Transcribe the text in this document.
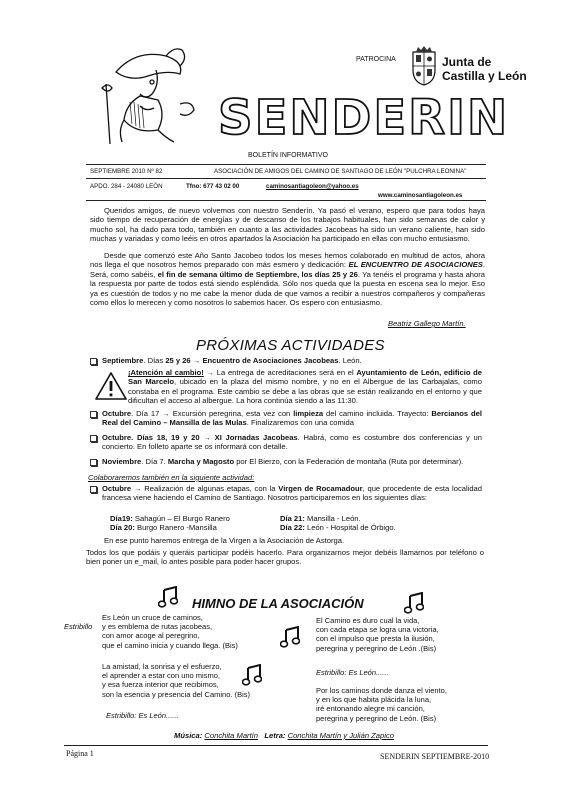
PATROCINA	Junta de
Castilla y León
SENDERIN
BOLETÍN INFORMATIVO
SEPTIEMBRE 2010 Nº 82	ASOCIACIÓN DE AMIGOS DEL CAMINO DE SANTIAGO DE LEÓN "PULCHRA LEONINA"
APDO. 284 - 24080 LEÓN	Tfno: 677 43 02 00	caminosantiagoleon@yahoo.es
www.caminosantiagoleon.es
Queridos amigos, de nuevo volvemos con nuestro Senderín. Ya pasó el verano, espero que para todos haya sido tiempo de recuperación de energías y de descanso de los trabajos habituales, han sido semanas de calor y mucho sol, ha dado para todo, también en cuanto a las actividades Jacobeas ha sido un verano caliente, han sido muchas y variadas y como leéis en otros apartados la Asociación ha participado en ellas con mucho entusiasmo.
Desde que comenzó este Año Santo Jacobeo todos los meses hemos colaborado en multitud de actos, ahora nos llega el que nosotros hemos preparado con más esmero y dedicación: EL ENCUENTRO DE ASOCIACIONES. Será, como sabéis, el fin de semana último de Septiembre, los días 25 y 26. Ya tenéis el programa y hasta ahora la respuesta por parte de todos está siendo espléndida. Sólo nos queda que la puesta en escena sea lo mejor. Eso ya es cuestión de todos y no me cabe la menor duda de que vamos a recibir a nuestros compañeros y compañeras como ellos lo merecen y como nosotros lo sabemos hacer. Os espero con entusiasmo.
Beatriz Gallego Martín.
PRÓXIMAS ACTIVIDADES
Septiembre. Días 25 y 26 → Encuentro de Asociaciones Jacobeas. León.
¡Atención al cambio! → La entrega de acreditaciones será en el Ayuntamiento de León, edificio de San Marcelo, ubicado en la plaza del mismo nombre, y no en el Albergue de las Carbajalas, como constaba en el programa. Este cambio se debe a las obras que se están realizando en el entorno y que dificultan el acceso al albergue. La hora continúa siendo a las 11:30.
Octubre. Día 17 → Excursión peregrina, esta vez con limpieza del camino incluida. Trayecto: Bercianos del Real del Camino – Mansilla de las Mulas. Finalizaremos con una comida
Octubre. Días 18, 19 y 20 → XI Jornadas Jacobeas. Habrá, como es costumbre dos conferencias y un concierto. En folleto aparte se os informará con detalle.
Noviembre. Día 7. Marcha y Magosto por El Bierzo, con la Federación de montaña (Ruta por determinar).
Colaboraremos también en la siguiente actividad:
Octubre → Realización de algunas etapas, con la Virgen de Rocamadour, que procedente de esta localidad francesa viene haciendo el Camino de Santiago. Nosotros participaremos en los siguientes días:
Día19: Sahagún – El Burgo Ranero	Día 21: Mansilla - León.
Día 20: Burgo Ranero -Mansilla	Día 22: León - Hospital de Órbigo.
En ese punto haremos entrega de la Virgen a la Asociación de Astorga.
Todos los que podáis y queráis participar podéis hacerlo. Para organizarnos mejor debéis llamarnos por teléfono o bien poner un e_mail, lo antes posible para poder hacer grupos.
HIMNO DE LA ASOCIACIÓN
Estribillo
Es León un cruce de caminos,
y es emblema de rutas jacobeas,
con amor acoge al peregrino,
que el camino inicia y cuando llega. (Bis)
La amistad, la sonrisa y el esfuerzo,
el aprender a estar con uno mismo,
y esa fuerza interior que recibimos,
son la esencia y presencia del Camino. (Bis)
Estribillo: Es León......
El Camino es duro cual la vida,
con cada etapa se logra una victoria,
con el impulso que presta la ilusión,
peregrina y peregrino de León .(Bis)
Estribillo: Es León......
Por los caminos donde danza el viento,
y en los que habita plácida la luna,
iré entonando alegre mi canción,
peregrina y peregrino de León. (Bis)
Música: Conchita Martín Letra: Conchita Martín y Julián Zapico
Página 1	SENDERIN SEPTIEMBRE-2010
